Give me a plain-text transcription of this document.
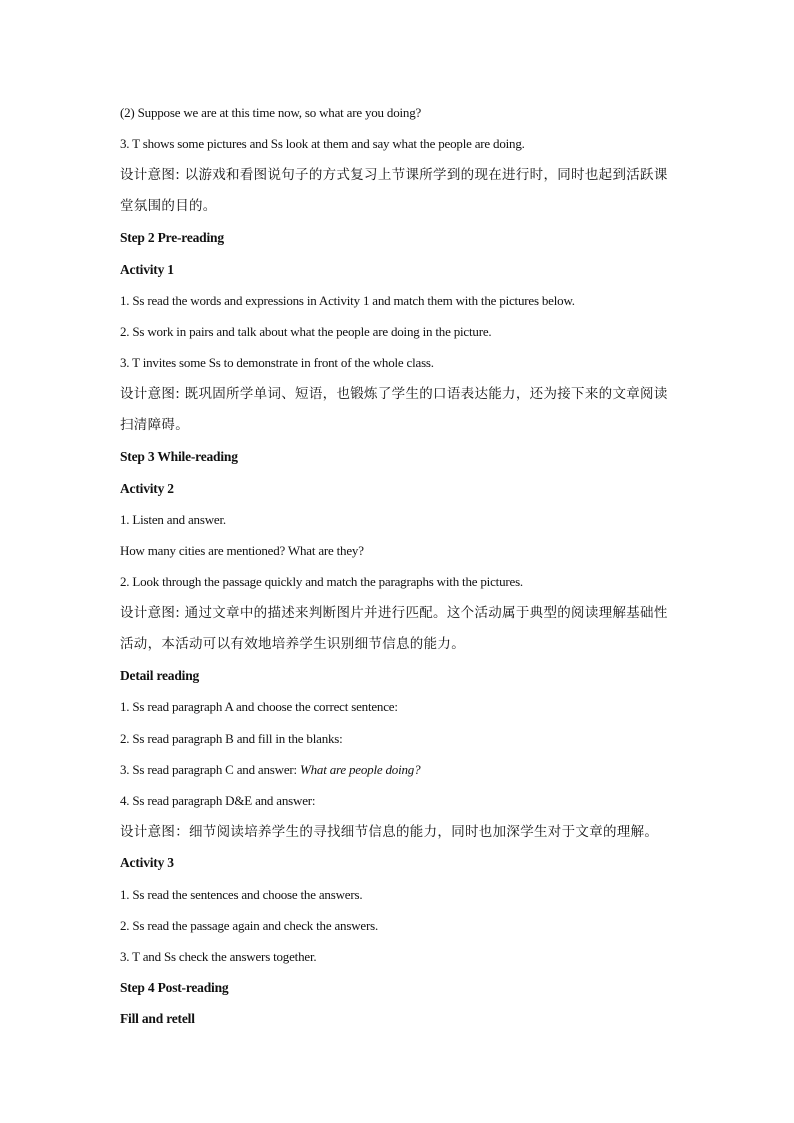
(2) Suppose we are at this time now, so what are you doing?
3. T shows some pictures and Ss look at them and say what the people are doing.
设计意图: 以游戏和看图说句子的方式复习上节课所学到的现在进行时，同时也起到活跃课堂氛围的目的。
Step 2 Pre-reading
Activity 1
1. Ss read the words and expressions in Activity 1 and match them with the pictures below.
2. Ss work in pairs and talk about what the people are doing in the picture.
3. T invites some Ss to demonstrate in front of the whole class.
设计意图: 既巩固所学单词、短语，也锻炼了学生的口语表达能力，还为接下来的文章阅读扫清障碍。
Step 3 While-reading
Activity 2
1. Listen and answer.
How many cities are mentioned? What are they?
2. Look through the passage quickly and match the paragraphs with the pictures.
设计意图: 通过文章中的描述来判断图片并进行匹配。这个活动属于典型的阅读理解基础性活动，本活动可以有效地培养学生识别细节信息的能力。
Detail reading
1. Ss read paragraph A and choose the correct sentence:
2. Ss read paragraph B and fill in the blanks:
3. Ss read paragraph C and answer: What are people doing?
4. Ss read paragraph D&E and answer:
设计意图：细节阅读培养学生的寻找细节信息的能力，同时也加深学生对于文章的理解。
Activity 3
1. Ss read the sentences and choose the answers.
2. Ss read the passage again and check the answers.
3. T and Ss check the answers together.
Step 4 Post-reading
Fill and retell
